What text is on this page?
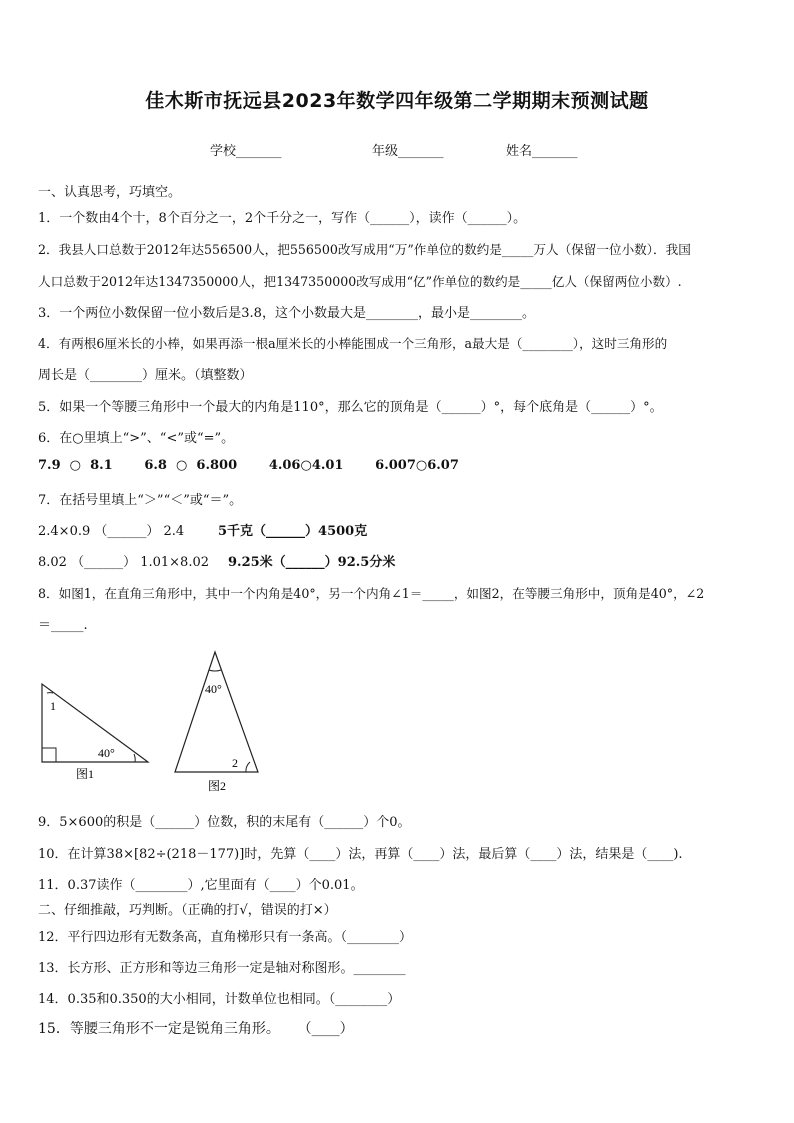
佳木斯市抚远县2023年数学四年级第二学期期末预测试题
学校_______	年级_______	姓名_______
一、认真思考，巧填空。
1．一个数由4个十，8个百分之一，2个千分之一，写作（______），读作（______）。
2．我县人口总数于2012年达556500人，把556500改写成用“万”作单位的数约是_____万人（保留一位小数）．我国
人口总数于2012年达1347350000人，把1347350000改写成用“亿”作单位的数约是_____亿人（保留两位小数）.
3．一个两位小数保留一位小数后是3.8，这个小数最大是________，最小是________。
4．有两根6厘米长的小棒，如果再添一根a厘米长的小棒能围成一个三角形，a最大是（________），这时三角形的
周长是（________）厘米。（填整数）
5．如果一个等腰三角形中一个最大的内角是110°，那么它的顶角是（______）°，每个底角是（______）°。
6．在○里填上“>”、“<”或“=”。
7.9  ○  8.1       6.8  ○  6.800       4.06○4.01       6.007○6.07
7．在括号里填上“＞”“＜”或“＝”。
2.4×0.9 （______） 2.4	5千克（______）4500克
8.02 （______） 1.01×8.02 9.25米（______）92.5分米
8．如图1，在直角三角形中，其中一个内角是40°，另一个内角∠1＝_____，如图2，在等腰三角形中，顶角是40°，∠2
＝_____.
1
40°
图1
40°
2
图2
9．5×600的积是（______）位数，积的末尾有（______）个0。
10．在计算38×[82÷(218－177)]时，先算（____）法，再算（____）法，最后算（____）法，结果是（____).
11．0.37读作（________）,它里面有（____）个0.01。
二、仔细推敲，巧判断。（正确的打√，错误的打×）
12．平行四边形有无数条高，直角梯形只有一条高。（________）
13．长方形、正方形和等边三角形一定是轴对称图形。________
14．0.35和0.350的大小相同，计数单位也相同。（________）
15．等腰三角形不一定是锐角三角形。    （____）
